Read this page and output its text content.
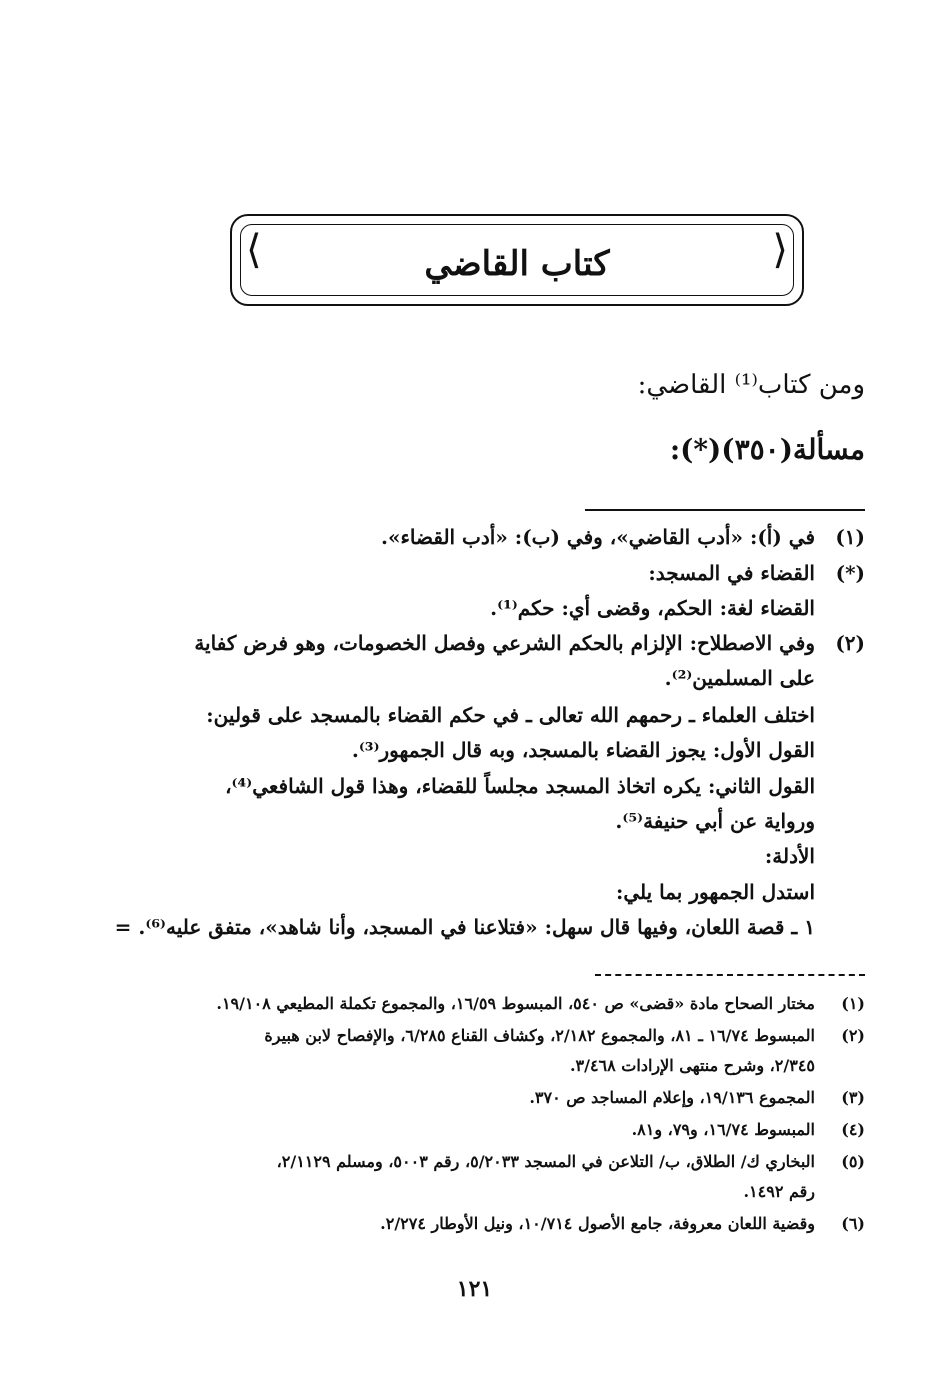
⟨	⟩
كتاب القاضي
ومن كتاب⁽¹⁾ القاضي:
مسألة(٣٥٠)(*):
(١)
في (أ): «أدب القاضي»، وفي (ب): «أدب القضاء».
(*)
القضاء في المسجد:
القضاء لغة: الحكم، وقضى أي: حكم⁽¹⁾.
(٢)
وفي الاصطلاح: الإلزام بالحكم الشرعي وفصل الخصومات، وهو فرض كفاية
على المسلمين⁽²⁾.
اختلف العلماء ـ رحمهم الله تعالى ـ في حكم القضاء بالمسجد على قولين:
القول الأول: يجوز القضاء بالمسجد، وبه قال الجمهور⁽³⁾.
القول الثاني: يكره اتخاذ المسجد مجلساً للقضاء، وهذا قول الشافعي⁽⁴⁾،
ورواية عن أبي حنيفة⁽⁵⁾.
الأدلة:
استدل الجمهور بما يلي:
١ ـ قصة اللعان، وفيها قال سهل: «فتلاعنا في المسجد، وأنا شاهد»، متفق عليه⁽⁶⁾. =
(١)
مختار الصحاح مادة «قضى» ص ٥٤٠، المبسوط ١٦/٥٩، والمجموع تكملة المطيعي ١٩/١٠٨.
(٢)
المبسوط ١٦/٧٤ ـ ٨١، والمجموع ٢/١٨٢، وكشاف القناع ٦/٢٨٥، والإفصاح لابن هبيرة
٢/٣٤٥، وشرح منتهى الإرادات ٣/٤٦٨.
(٣)
المجموع ١٩/١٣٦، وإعلام المساجد ص ٣٧٠.
(٤)
المبسوط ١٦/٧٤، و٧٩، و٨١.
(٥)
البخاري ك/ الطلاق، ب/ التلاعن في المسجد ٥/٢٠٣٣، رقم ٥٠٠٣، ومسلم ٢/١١٢٩،
رقم ١٤٩٢.
(٦)
وقضية اللعان معروفة، جامع الأصول ١٠/٧١٤، ونيل الأوطار ٢/٢٧٤.
١٢١
